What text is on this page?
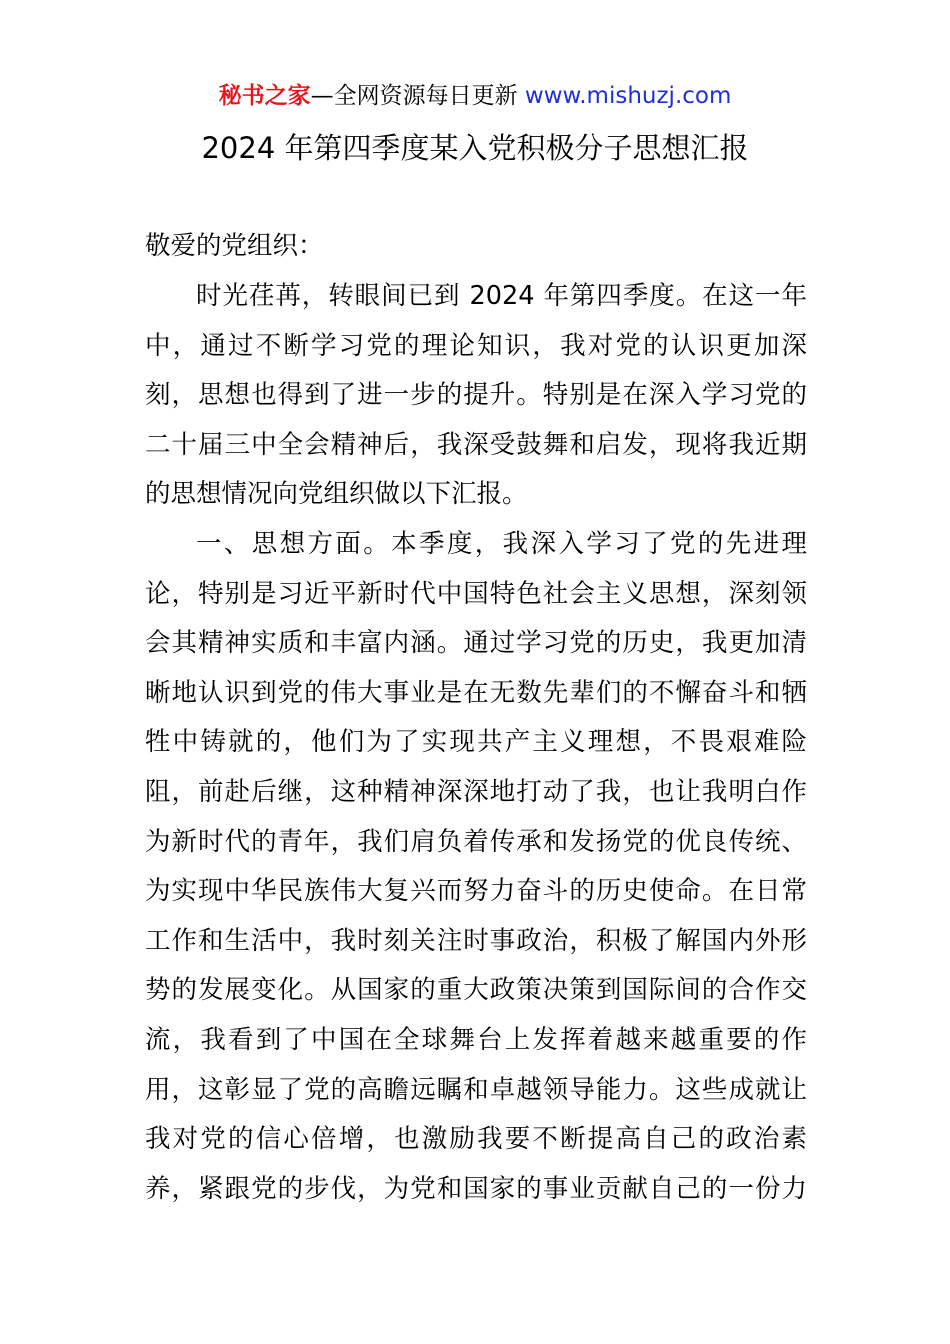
秘书之家—全网资源每日更新 www.mishuzj.com
2024 年第四季度某入党积极分子思想汇报
敬爱的党组织：
时光荏苒，转眼间已到 2024 年第四季度。在这一年
中，通过不断学习党的理论知识，我对党的认识更加深
刻，思想也得到了进一步的提升。特别是在深入学习党的
二十届三中全会精神后，我深受鼓舞和启发，现将我近期
的思想情况向党组织做以下汇报。
一、思想方面。本季度，我深入学习了党的先进理
论，特别是习近平新时代中国特色社会主义思想，深刻领
会其精神实质和丰富内涵。通过学习党的历史，我更加清
晰地认识到党的伟大事业是在无数先辈们的不懈奋斗和牺
牲中铸就的，他们为了实现共产主义理想，不畏艰难险
阻，前赴后继，这种精神深深地打动了我，也让我明白作
为新时代的青年，我们肩负着传承和发扬党的优良传统、
为实现中华民族伟大复兴而努力奋斗的历史使命。在日常
工作和生活中，我时刻关注时事政治，积极了解国内外形
势的发展变化。从国家的重大政策决策到国际间的合作交
流，我看到了中国在全球舞台上发挥着越来越重要的作
用，这彰显了党的高瞻远瞩和卓越领导能力。这些成就让
我对党的信心倍增，也激励我要不断提高自己的政治素
养，紧跟党的步伐，为党和国家的事业贡献自己的一份力
